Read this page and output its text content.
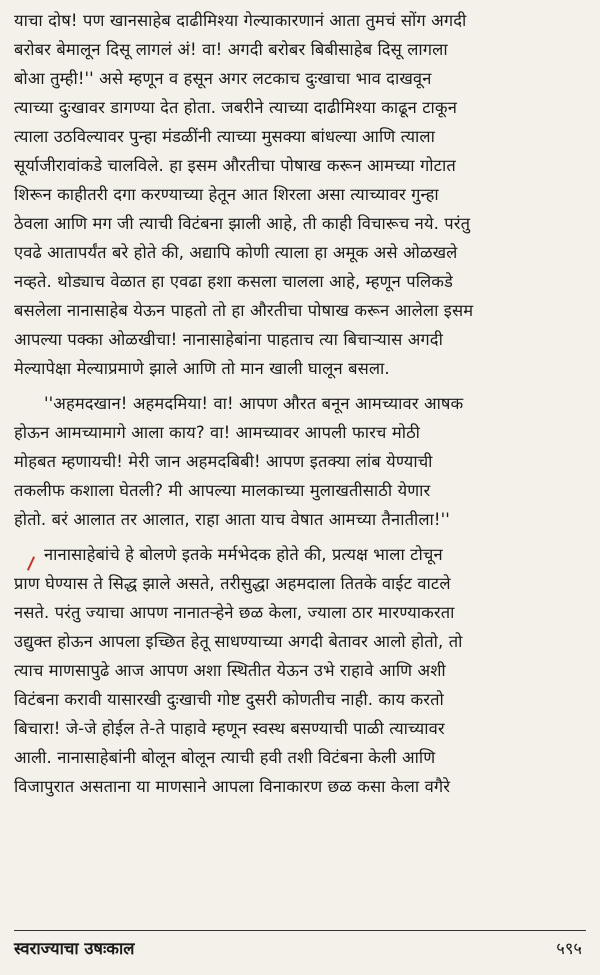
याचा दोष! पण खानसाहेब दाढीमिश्या गेल्याकारणानं आता तुमचं सोंग अगदी
बरोबर बेमालून दिसू लागलं अं! वा! अगदी बरोबर बिबीसाहेब दिसू लागला
बोआ तुम्ही!'' असे म्हणून व हसून अगर लटकाच दुःखाचा भाव दाखवून
त्याच्या दुःखावर डागण्या देत होता. जबरीने त्याच्या दाढीमिश्या काढून टाकून
त्याला उठविल्यावर पुन्हा मंडळींनी त्याच्या मुसक्या बांधल्या आणि त्याला
सूर्याजीरावांकडे चालविले. हा इसम औरतीचा पोषाख करून आमच्या गोटात
शिरून काहीतरी दगा करण्याच्या हेतून आत शिरला असा त्याच्यावर गुन्हा
ठेवला आणि मग जी त्याची विटंबना झाली आहे, ती काही विचारूच नये. परंतु
एवढे आतापर्यंत बरे होते की, अद्यापि कोणी त्याला हा अमूक असे ओळखले
नव्हते. थोड्याच वेळात हा एवढा हशा कसला चालला आहे, म्हणून पलिकडे
बसलेला नानासाहेब येऊन पाहतो तो हा औरतीचा पोषाख करून आलेला इसम
आपल्या पक्का ओळखीचा! नानासाहेबांना पाहताच त्या बिचाऱ्यास अगदी
मेल्यापेक्षा मेल्याप्रमाणे झाले आणि तो मान खाली घालून बसला.
''अहमदखान! अहमदमिया! वा! आपण औरत बनून आमच्यावर आषक
होऊन आमच्यामागे आला काय? वा! आमच्यावर आपली फारच मोठी
मोहबत म्हणायची! मेरी जान अहमदबिबी! आपण इतक्या लांब येण्याची
तकलीफ कशाला घेतली? मी आपल्या मालकाच्या मुलाखतीसाठी येणार
होतो. बरं आलात तर आलात, राहा आता याच वेषात आमच्या तैनातीला!''
नानासाहेबांचे हे बोलणे इतके मर्मभेदक होते की, प्रत्यक्ष भाला टोचून
प्राण घेण्यास ते सिद्ध झाले असते, तरीसुद्धा अहमदाला तितके वाईट वाटले
नसते. परंतु ज्याचा आपण नानातऱ्हेने छळ केला, ज्याला ठार मारण्याकरता
उद्युक्त होऊन आपला इच्छित हेतू साधण्याच्या अगदी बेतावर आलो होतो, तो
त्याच माणसापुढे आज आपण अशा स्थितीत येऊन उभे राहावे आणि अशी
विटंबना करावी यासारखी दुःखाची गोष्ट दुसरी कोणतीच नाही. काय करतो
बिचारा! जे-जे होईल ते-ते पाहावे म्हणून स्वस्थ बसण्याची पाळी त्याच्यावर
आली. नानासाहेबांनी बोलून बोलून त्याची हवी तशी विटंबना केली आणि
विजापुरात असताना या माणसाने आपला विनाकारण छळ कसा केला वगैरे
स्वराज्याचा उषःकाल	५९५
